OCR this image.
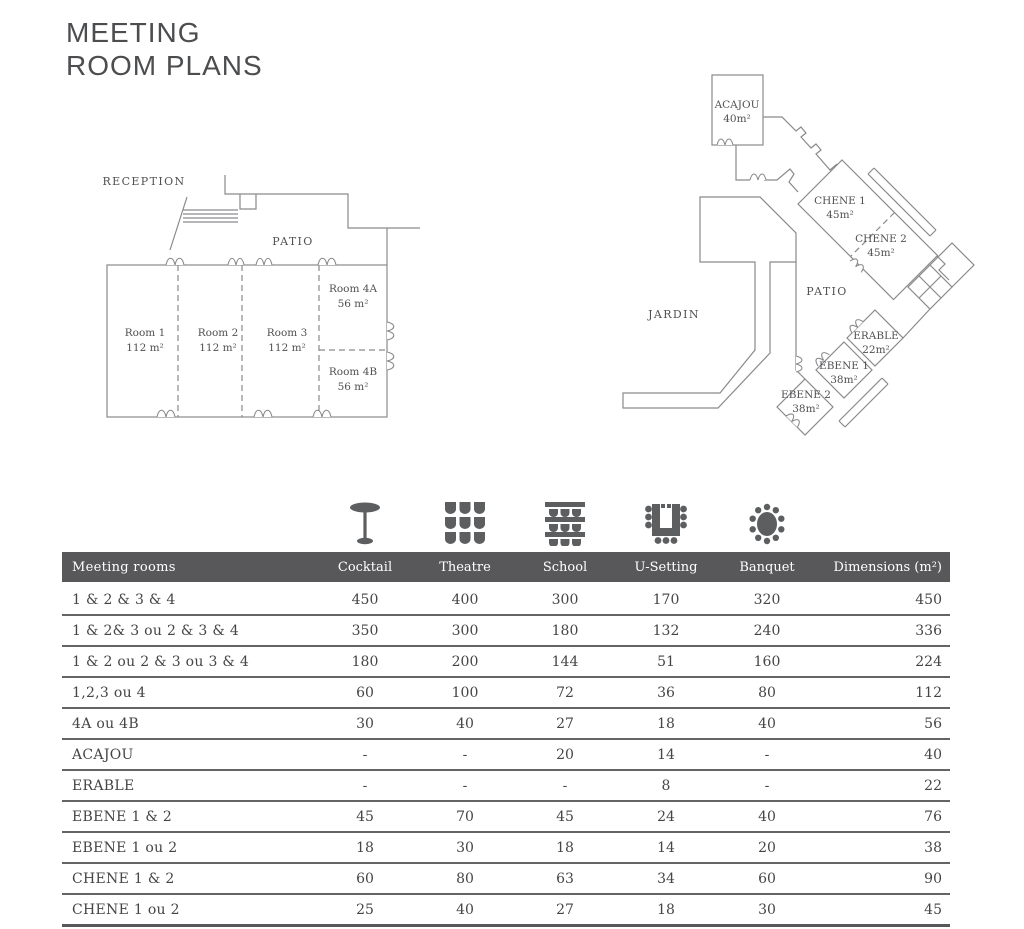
MEETING
ROOM PLANS
RECEPTION
PATIO
Room 1
112 m²
Room 2
112 m²
Room 3
112 m²
Room 4A
56 m²
Room 4B
56 m²
JARDIN
PATIO
ACAJOU
40m²
CHENE 1
45m²
CHENE 2
45m²
ERABLE
22m²
EBENE 1
38m²
EBENE 2
38m²
Meeting rooms	Cocktail	Theatre	School	U-Setting	Banquet	Dimensions (m²)
1 & 2 & 3 & 4	450	400	300	170	320	450
1 & 2& 3 ou 2 & 3 & 4	350	300	180	132	240	336
1 & 2 ou 2 & 3 ou 3 & 4	180	200	144	51	160	224
1,2,3 ou 4	60	100	72	36	80	112
4A ou 4B	30	40	27	18	40	56
ACAJOU	-	-	20	14	-	40
ERABLE	-	-	-	8	-	22
EBENE 1 & 2	45	70	45	24	40	76
EBENE 1 ou 2	18	30	18	14	20	38
CHENE 1 & 2	60	80	63	34	60	90
CHENE 1 ou 2	25	40	27	18	30	45
